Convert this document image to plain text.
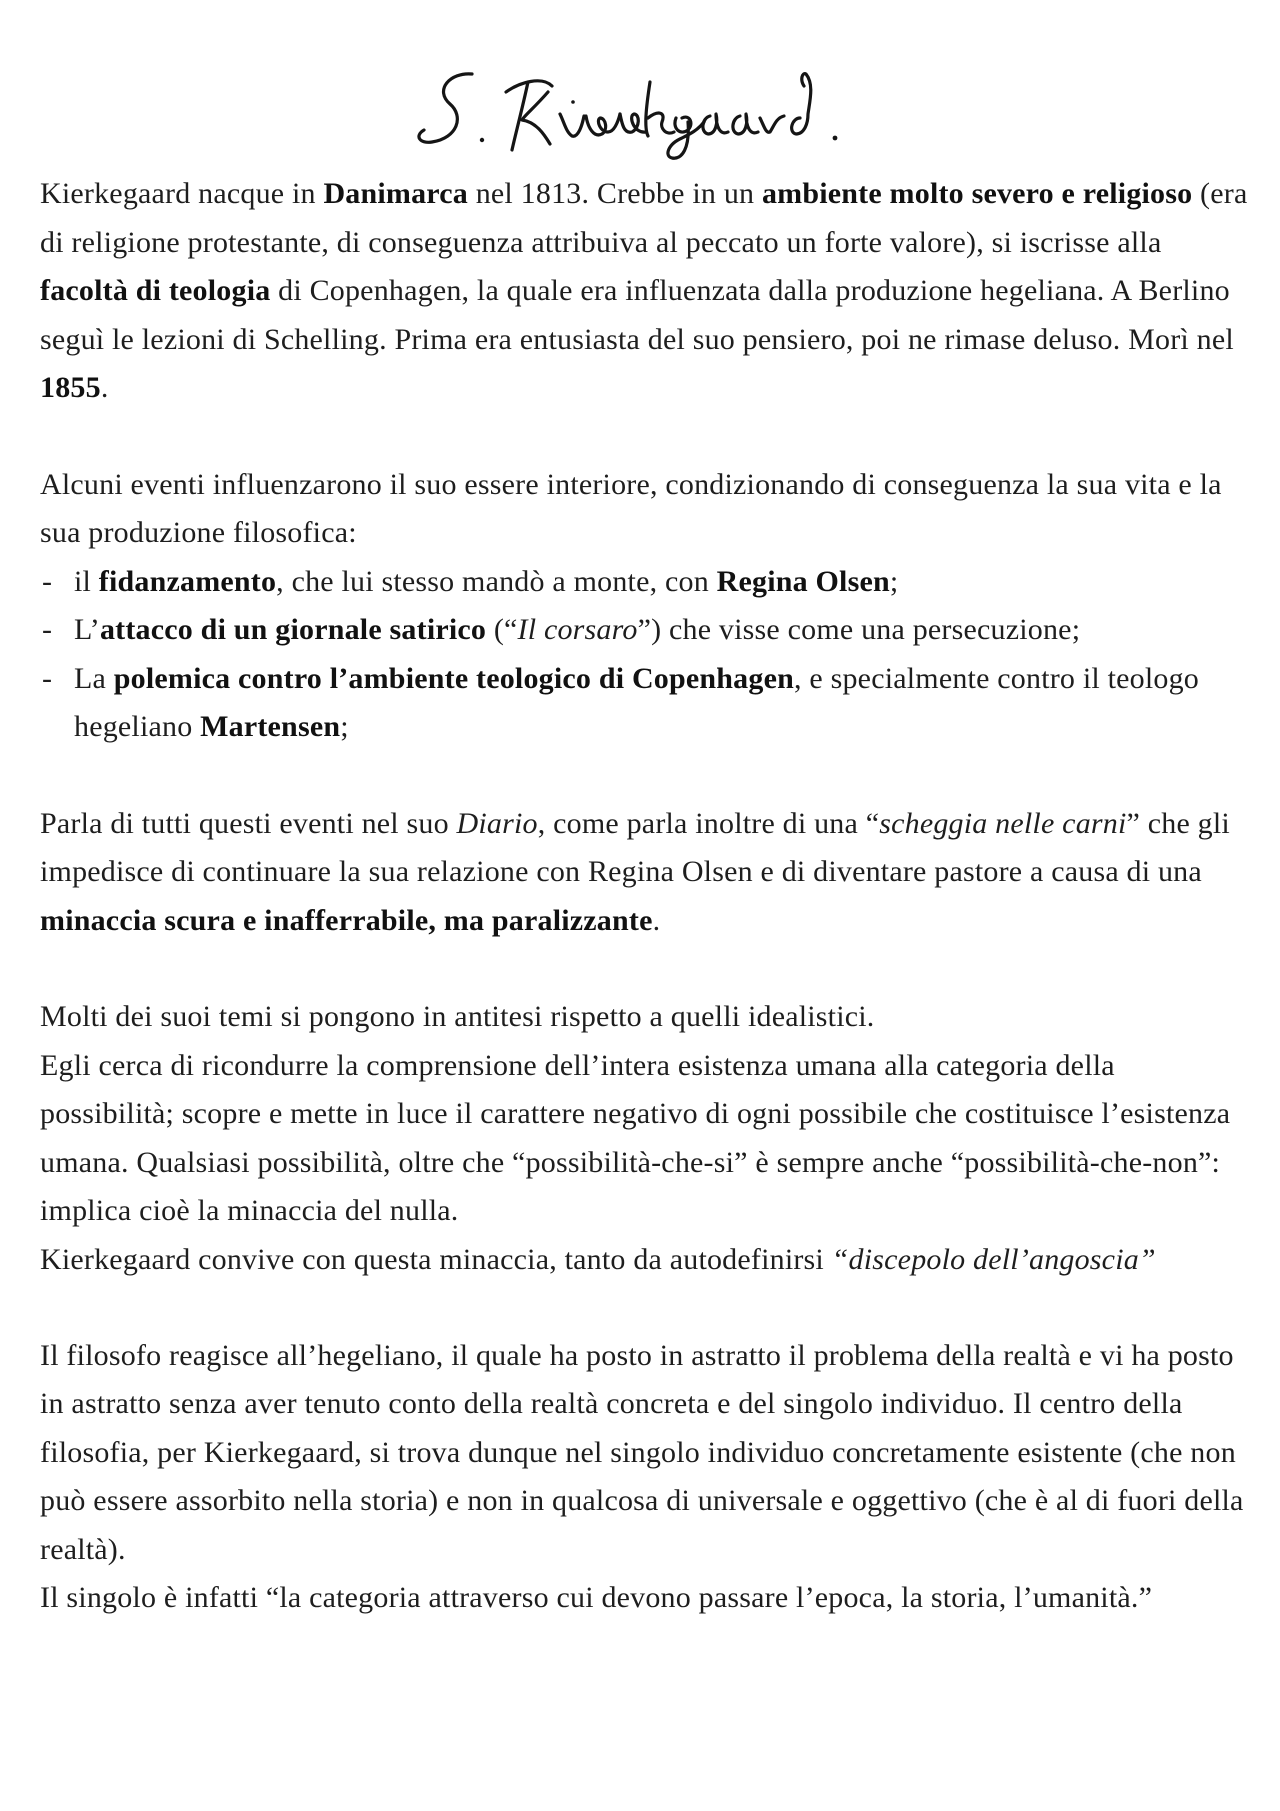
Kierkegaard nacque in Danimarca nel 1813. Crebbe in un ambiente molto severo e religioso (era di religione protestante, di conseguenza attribuiva al peccato un forte valore), si iscrisse alla facoltà di teologia di Copenhagen, la quale era influenzata dalla produzione hegeliana. A Berlino seguì le lezioni di Schelling. Prima era entusiasta del suo pensiero, poi ne rimase deluso. Morì nel 1855.

Alcuni eventi influenzarono il suo essere interiore, condizionando di conseguenza la sua vita e la sua produzione filosofica:

- il fidanzamento, che lui stesso mandò a monte, con Regina Olsen;
- L’attacco di un giornale satirico (“Il corsaro”) che visse come una persecuzione;
- La polemica contro l’ambiente teologico di Copenhagen, e specialmente contro il teologo hegeliano Martensen;

Parla di tutti questi eventi nel suo Diario, come parla inoltre di una “scheggia nelle carni” che gli impedisce di continuare la sua relazione con Regina Olsen e di diventare pastore a causa di una minaccia scura e inafferrabile, ma paralizzante.

Molti dei suoi temi si pongono in antitesi rispetto a quelli idealistici.

Egli cerca di ricondurre la comprensione dell’intera esistenza umana alla categoria della possibilità; scopre e mette in luce il carattere negativo di ogni possibile che costituisce l’esistenza umana. Qualsiasi possibilità, oltre che “possibilità-che-si” è sempre anche “possibilità-che-non”: implica cioè la minaccia del nulla.

Kierkegaard convive con questa minaccia, tanto da autodefinirsi “discepolo dell’angoscia”

Il filosofo reagisce all’hegeliano, il quale ha posto in astratto il problema della realtà e vi ha posto in astratto senza aver tenuto conto della realtà concreta e del singolo individuo. Il centro della filosofia, per Kierkegaard, si trova dunque nel singolo individuo concretamente esistente (che non può essere assorbito nella storia) e non in qualcosa di universale e oggettivo (che è al di fuori della realtà).

Il singolo è infatti “la categoria attraverso cui devono passare l’epoca, la storia, l’umanità.”
